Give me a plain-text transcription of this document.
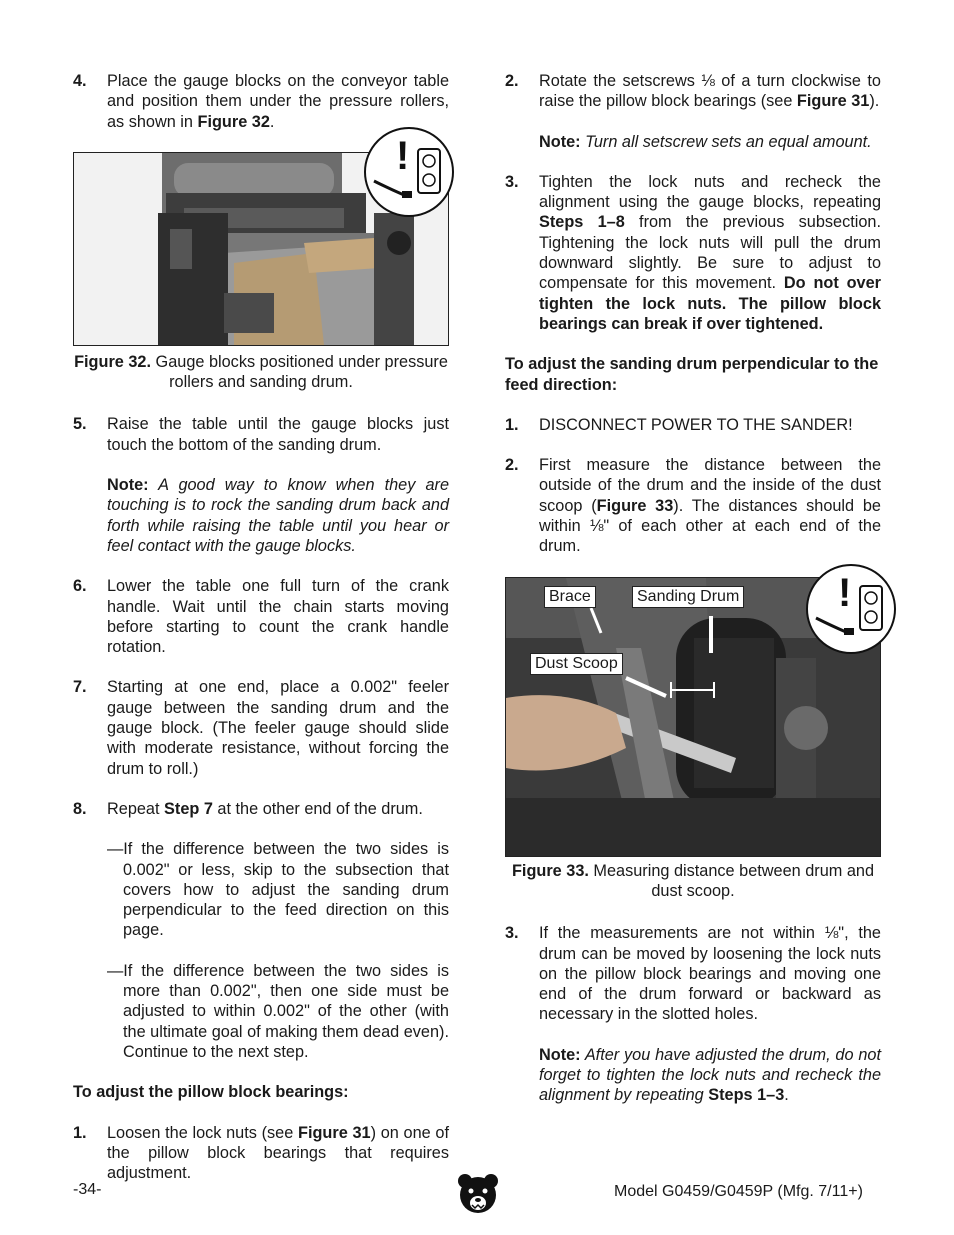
4. Place the gauge blocks on the conveyor table and position them under the pressure rollers, as shown in Figure 32.
!
Figure 32. Gauge blocks positioned under pressure rollers and sanding drum.
5. Raise the table until the gauge blocks just touch the bottom of the sanding drum.
Note: A good way to know when they are touching is to rock the sanding drum back and forth while raising the table until you hear or feel contact with the gauge blocks.
6. Lower the table one full turn of the crank handle. Wait until the chain starts moving before starting to count the crank handle rotation.
7. Starting at one end, place a 0.002" feeler gauge between the sanding drum and the gauge block. (The feeler gauge should slide with moderate resistance, without forcing the drum to roll.)
8. Repeat Step 7 at the other end of the drum.
—If the difference between the two sides is 0.002" or less, skip to the subsection that covers how to adjust the sanding drum perpendicular to the feed direction on this page.
—If the difference between the two sides is more than 0.002", then one side must be adjusted to within 0.002" of the other (with the ultimate goal of making them dead even). Continue to the next step.
To adjust the pillow block bearings:
1. Loosen the lock nuts (see Figure 31) on one of the pillow block bearings that requires adjustment.
2. Rotate the setscrews ⅛ of a turn clockwise to raise the pillow block bearings (see Figure 31).
Note: Turn all setscrew sets an equal amount.
3. Tighten the lock nuts and recheck the alignment using the gauge blocks, repeating Steps 1–8 from the previous subsection. Tightening the lock nuts will pull the drum downward slightly. Be sure to adjust to compensate for this movement. Do not over tighten the lock nuts. The pillow block bearings can break if over tightened.
To adjust the sanding drum perpendicular to the feed direction:
1. DISCONNECT POWER TO THE SANDER!
2. First measure the distance between the outside of the drum and the inside of the dust scoop (Figure 33). The distances should be within ⅛" of each other at each end of the drum.
Brace	Sanding Drum
Dust Scoop
!
Figure 33. Measuring distance between drum and dust scoop.
3. If the measurements are not within ⅛", the drum can be moved by loosening the lock nuts on the pillow block bearings and moving one end of the drum forward or backward as necessary in the slotted holes.
Note: After you have adjusted the drum, do not forget to tighten the lock nuts and recheck the alignment by repeating Steps 1–3.
-34-	Model G0459/G0459P (Mfg. 7/11+)
